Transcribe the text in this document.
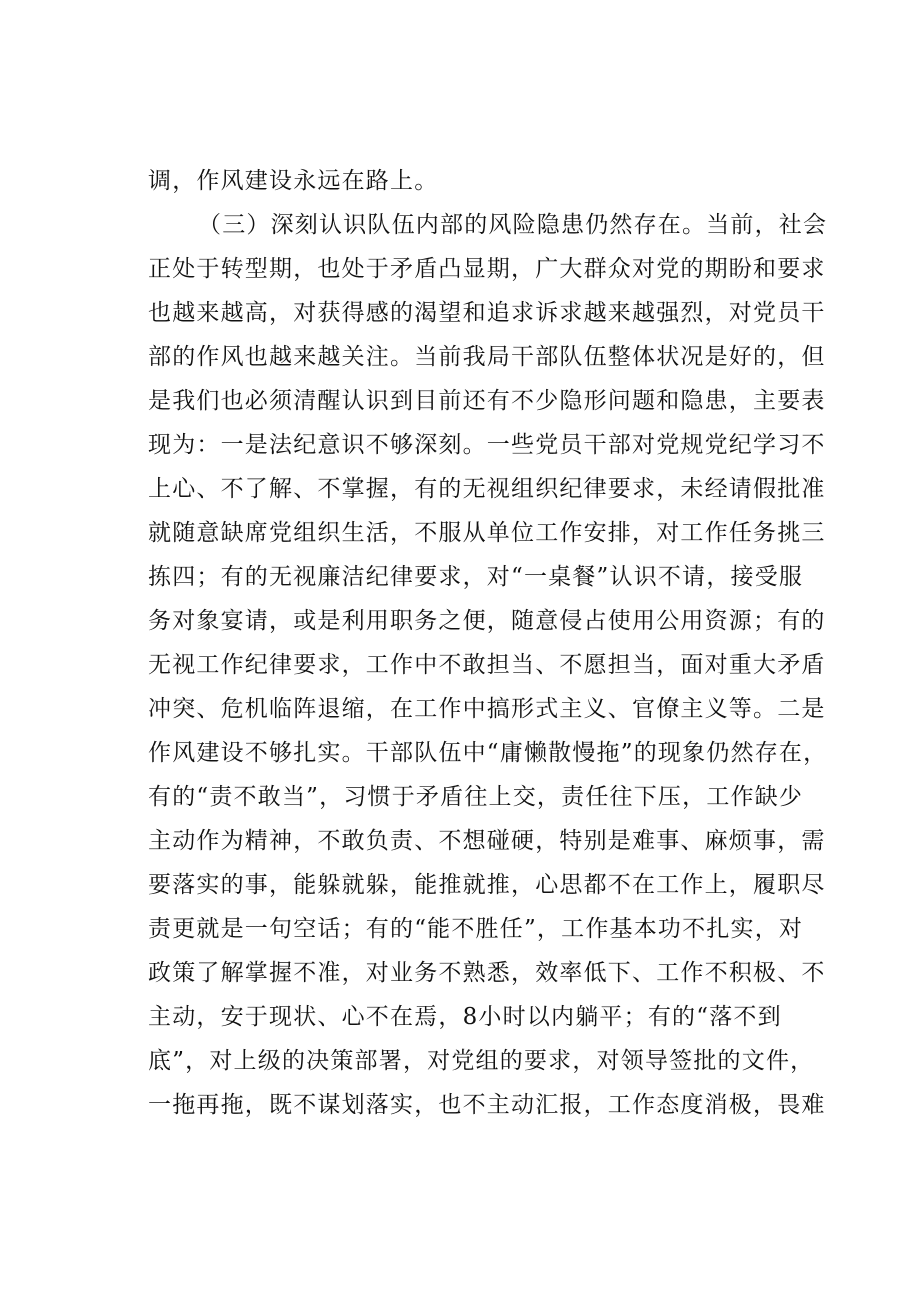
调，作风建设永远在路上。
（三）深刻认识队伍内部的风险隐患仍然存在。当前，社会
正处于转型期，也处于矛盾凸显期，广大群众对党的期盼和要求
也越来越高，对获得感的渴望和追求诉求越来越强烈，对党员干
部的作风也越来越关注。当前我局干部队伍整体状况是好的，但
是我们也必须清醒认识到目前还有不少隐形问题和隐患，主要表
现为：一是法纪意识不够深刻。一些党员干部对党规党纪学习不
上心、不了解、不掌握，有的无视组织纪律要求，未经请假批准
就随意缺席党组织生活，不服从单位工作安排，对工作任务挑三
拣四；有的无视廉洁纪律要求，对“一桌餐”认识不请，接受服
务对象宴请，或是利用职务之便，随意侵占使用公用资源；有的
无视工作纪律要求，工作中不敢担当、不愿担当，面对重大矛盾
冲突、危机临阵退缩，在工作中搞形式主义、官僚主义等。二是
作风建设不够扎实。干部队伍中“庸懒散慢拖”的现象仍然存在，
有的“责不敢当”，习惯于矛盾往上交，责任往下压，工作缺少
主动作为精神，不敢负责、不想碰硬，特别是难事、麻烦事，需
要落实的事，能躲就躲，能推就推，心思都不在工作上，履职尽
责更就是一句空话；有的“能不胜任”，工作基本功不扎实，对
政策了解掌握不准，对业务不熟悉，效率低下、工作不积极、不
主动，安于现状、心不在焉，8小时以内躺平；有的“落不到
底”，对上级的决策部署，对党组的要求，对领导签批的文件，
一拖再拖，既不谋划落实，也不主动汇报，工作态度消极，畏难
